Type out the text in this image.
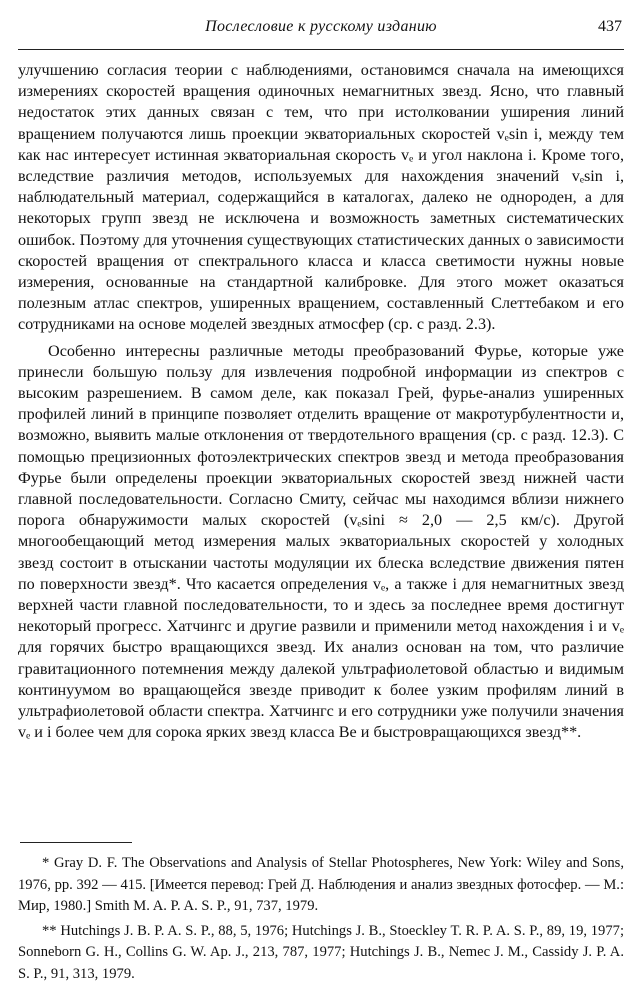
Послесловие к русскому изданию	437

улучшению согласия теории с наблюдениями, остановимся сначала на имеющихся измерениях скоростей вращения одиночных немагнитных звезд. Ясно, что главный недостаток этих данных связан с тем, что при истолковании уширения линий вращением получаются лишь проекции экваториальных скоростей vₑsin i, между тем как нас интересует истинная экваториальная скорость vₑ и угол наклона i. Кроме того, вследствие различия методов, используемых для нахождения значений vₑsin i, наблюдательный материал, содержащийся в каталогах, далеко не однороден, а для некоторых групп звезд не исключена и возможность заметных систематических ошибок. Поэтому для уточнения существующих статистических данных о зависимости скоростей вращения от спектрального класса и класса светимости нужны новые измерения, основанные на стандартной калибровке. Для этого может оказаться полезным атлас спектров, уширенных вращением, составленный Слеттебаком и его сотрудниками на основе моделей звездных атмосфер (ср. с разд. 2.3).

Особенно интересны различные методы преобразований Фурье, которые уже принесли большую пользу для извлечения подробной информации из спектров с высоким разрешением. В самом деле, как показал Грей, фурье-анализ уширенных профилей линий в принципе позволяет отделить вращение от макротурбулентности и, возможно, выявить малые отклонения от твердотельного вращения (ср. с разд. 12.3). С помощью прецизионных фотоэлектрических спектров звезд и метода преобразования Фурье были определены проекции экваториальных скоростей звезд нижней части главной последовательности. Согласно Смиту, сейчас мы находимся вблизи нижнего порога обнаружимости малых скоростей (vₑsini ≈ 2,0 — 2,5 км/с). Другой многообещающий метод измерения малых экваториальных скоростей у холодных звезд состоит в отыскании частоты модуляции их блеска вследствие движения пятен по поверхности звезд*. Что касается определения vₑ, а также i для немагнитных звезд верхней части главной последовательности, то и здесь за последнее время достигнут некоторый прогресс. Хатчингс и другие развили и применили метод нахождения i и vₑ для горячих быстро вращающихся звезд. Их анализ основан на том, что различие гравитационного потемнения между далекой ультрафиолетовой областью и видимым континуумом во вращающейся звезде приводит к более узким профилям линий в ультрафиолетовой области спектра. Хатчингс и его сотрудники уже получили значения vₑ и i более чем для сорока ярких звезд класса Be и быстровращающихся звезд**.

* Gray D. F. The Observations and Analysis of Stellar Photospheres, New York: Wiley and Sons, 1976, pp. 392 — 415. [Имеется перевод: Грей Д. Наблюдения и анализ звездных фотосфер. — М.: Мир, 1980.] Smith M. A. P. A. S. P., 91, 737, 1979.

** Hutchings J. B. P. A. S. P., 88, 5, 1976; Hutchings J. B., Stoeckley T. R. P. A. S. P., 89, 19, 1977; Sonneborn G. H., Collins G. W. Ap. J., 213, 787, 1977; Hutchings J. B., Nemec J. M., Cassidy J. P. A. S. P., 91, 313, 1979.
